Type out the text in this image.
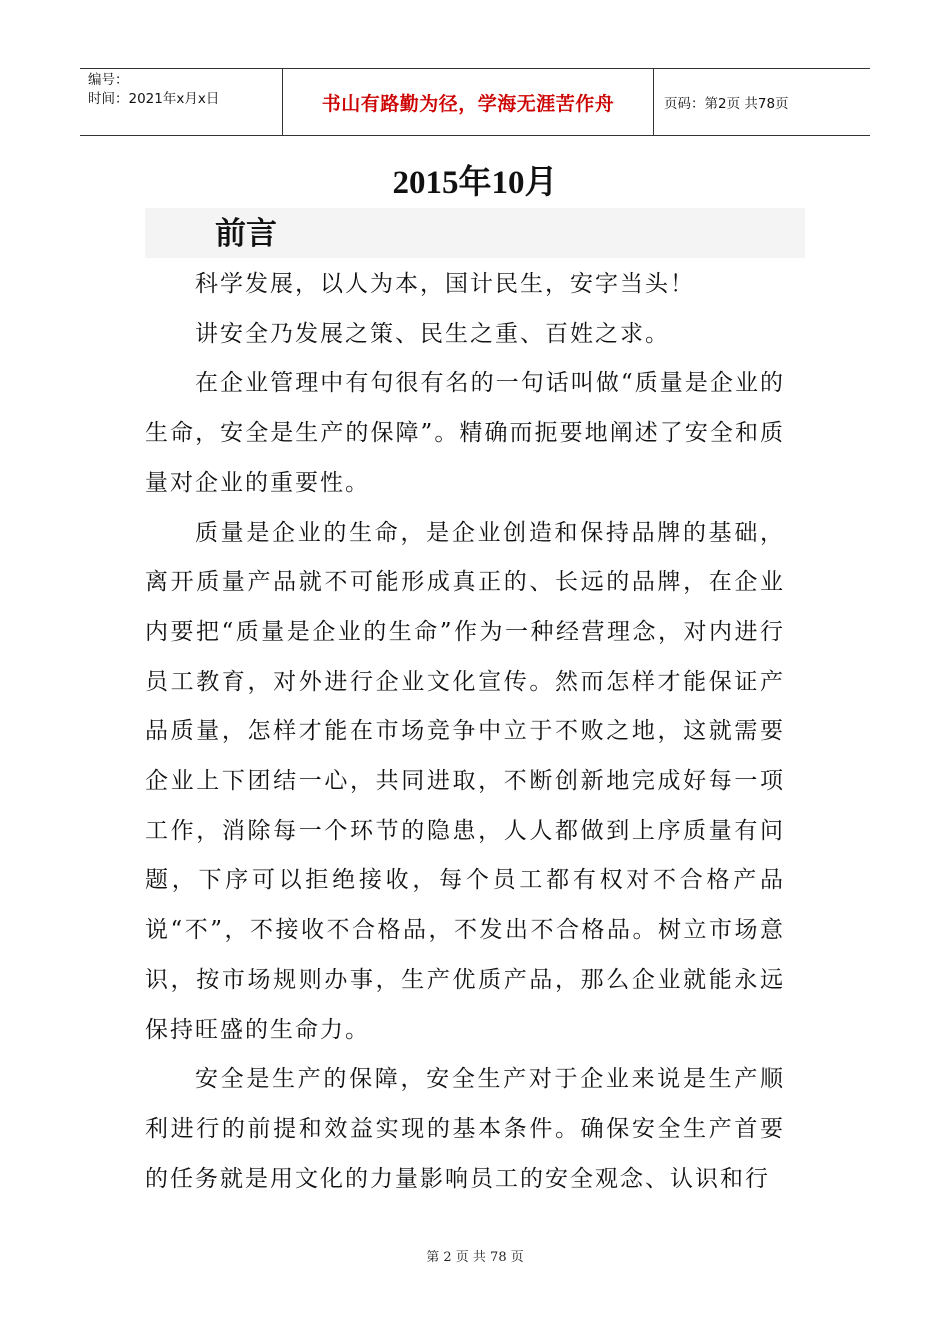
编号：
时间：2021年x月x日	书山有路勤为径，学海无涯苦作舟	页码：第2页 共78页
2015年10月
前言

科学发展，以人为本，国计民生，安字当头！

讲安全乃发展之策、民生之重、百姓之求。

在企业管理中有句很有名的一句话叫做“质量是企业的生命，安全是生产的保障”。精确而扼要地阐述了安全和质量对企业的重要性。

质量是企业的生命，是企业创造和保持品牌的基础，离开质量产品就不可能形成真正的、长远的品牌，在企业内要把“质量是企业的生命”作为一种经营理念，对内进行员工教育，对外进行企业文化宣传。然而怎样才能保证产品质量，怎样才能在市场竞争中立于不败之地，这就需要企业上下团结一心，共同进取，不断创新地完成好每一项工作，消除每一个环节的隐患，人人都做到上序质量有问题，下序可以拒绝接收，每个员工都有权对不合格产品说“不”，不接收不合格品，不发出不合格品。树立市场意识，按市场规则办事，生产优质产品，那么企业就能永远保持旺盛的生命力。

安全是生产的保障，安全生产对于企业来说是生产顺利进行的前提和效益实现的基本条件。确保安全生产首要的任务就是用文化的力量影响员工的安全观念、认识和行

第 2 页 共 78 页
